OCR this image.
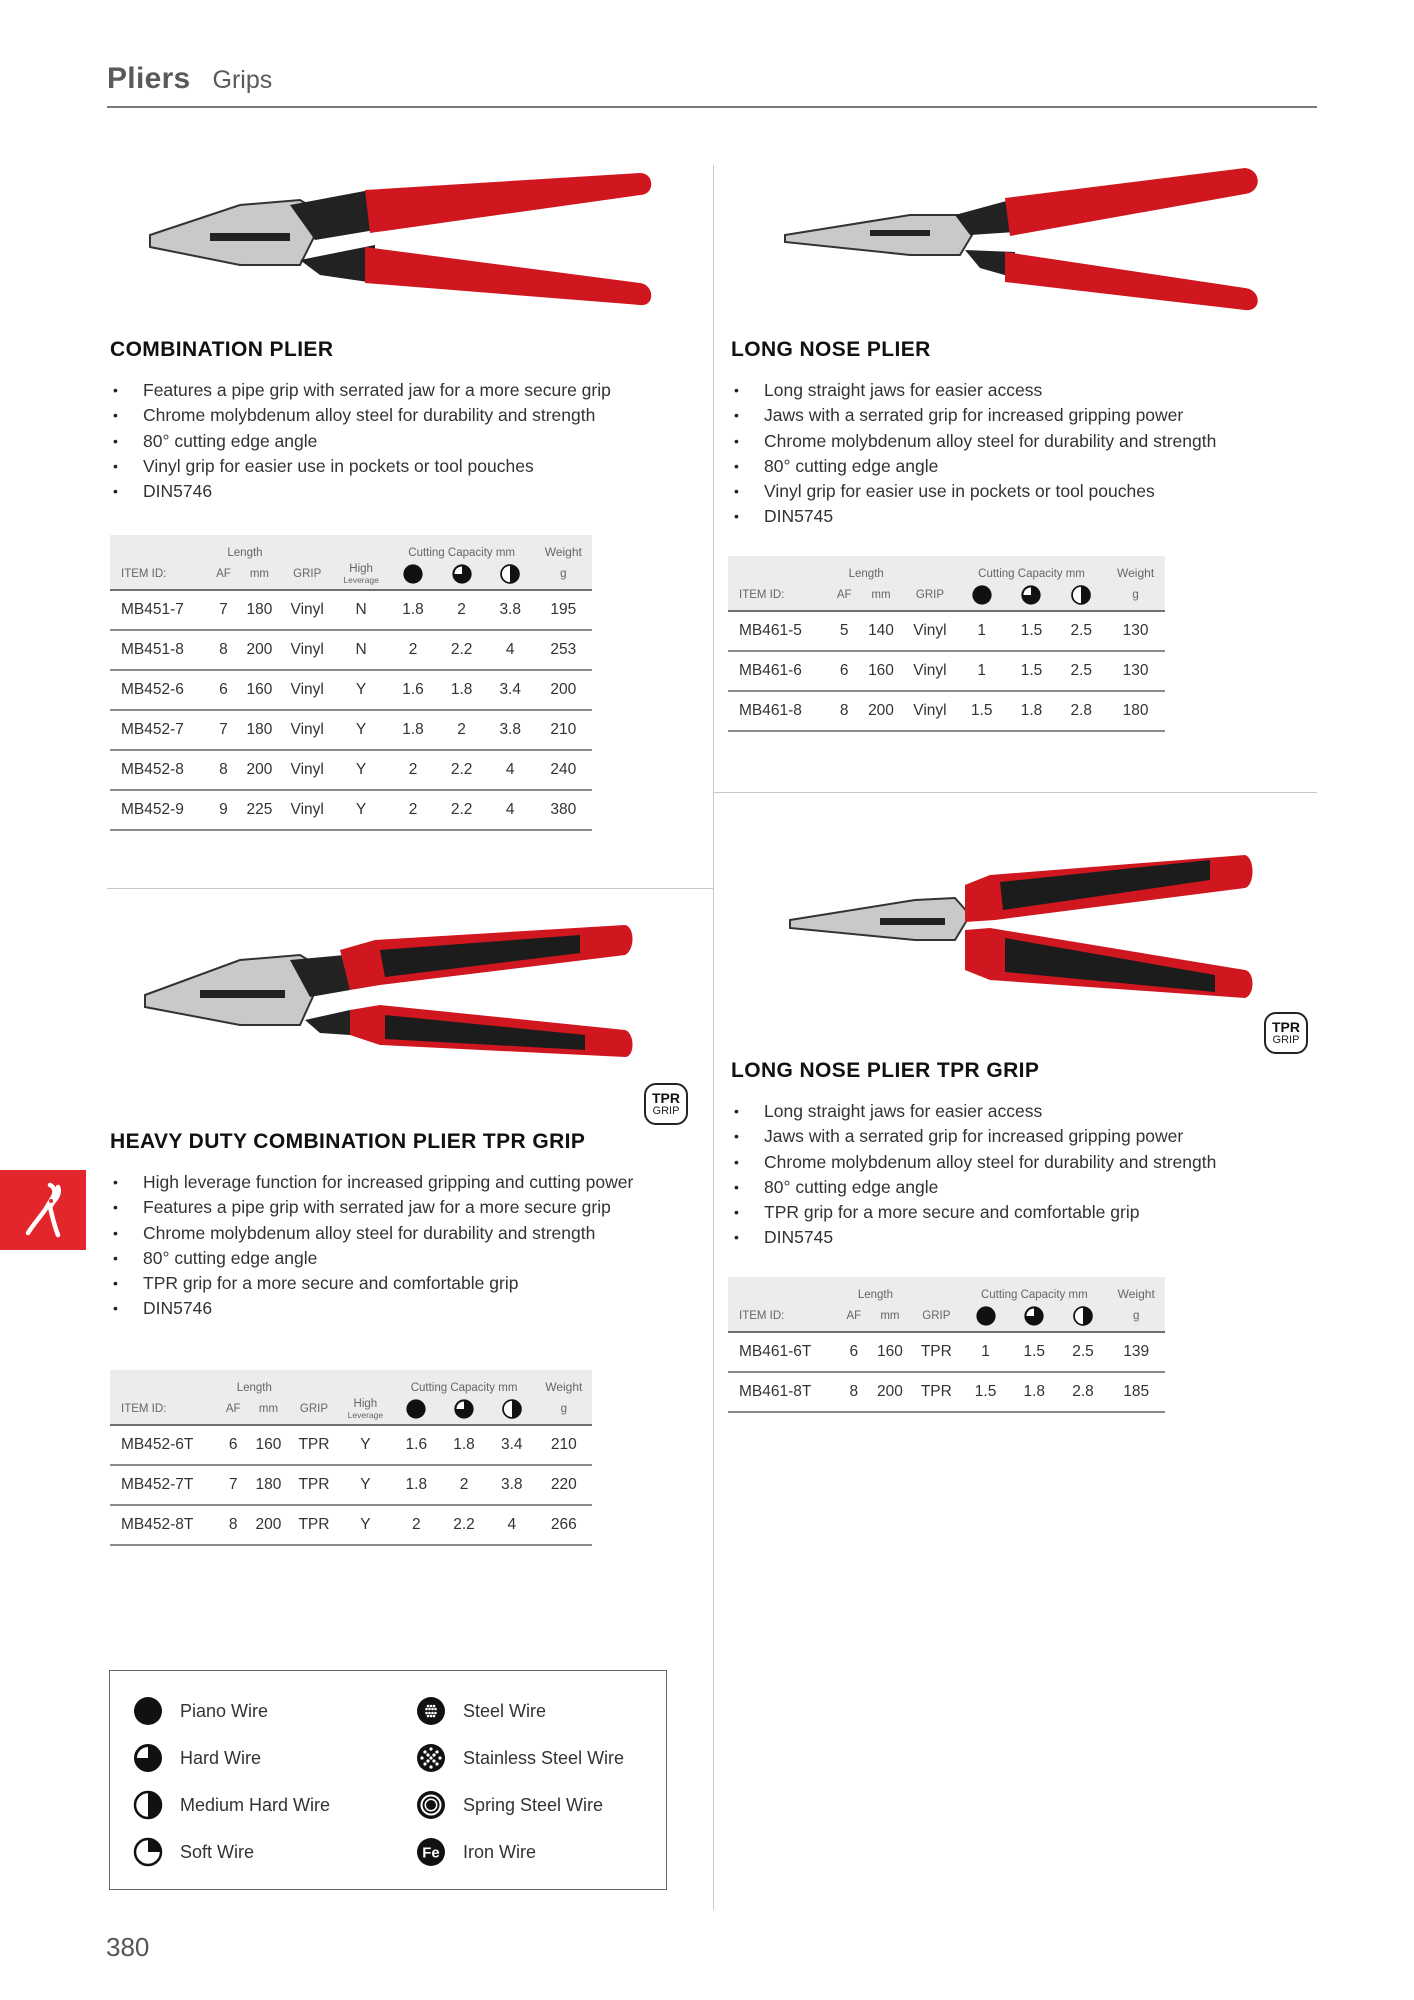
Pliers Grips
COMBINATION PLIER
• Features a pipe grip with serrated jaw for a more secure grip
• Chrome molybdenum alloy steel for durability and strength
• 80° cutting edge angle
• Vinyl grip for easier use in pockets or tool pouches
• DIN5746
	Length				Cutting Capacity mm			Weight
ITEM ID:	AF	mm	GRIP	High
Leverage				g
MB451-7	7	180	Vinyl	N	1.8	2	3.8	195
MB451-8	8	200	Vinyl	N	2	2.2	4	253
MB452-6	6	160	Vinyl	Y	1.6	1.8	3.4	200
MB452-7	7	180	Vinyl	Y	1.8	2	3.8	210
MB452-8	8	200	Vinyl	Y	2	2.2	4	240
MB452-9	9	225	Vinyl	Y	2	2.2	4	380
LONG NOSE PLIER
• Long straight jaws for easier access
• Jaws with a serrated grip for increased gripping power
• Chrome molybdenum alloy steel for durability and strength
• 80° cutting edge angle
• Vinyl grip for easier use in pockets or tool pouches
• DIN5745
	Length			Cutting Capacity mm			Weight
ITEM ID:	AF	mm	GRIP				g
MB461-5	5	140	Vinyl	1	1.5	2.5	130
MB461-6	6	160	Vinyl	1	1.5	2.5	130
MB461-8	8	200	Vinyl	1.5	1.8	2.8	180
TPR
GRIP
HEAVY DUTY COMBINATION PLIER TPR GRIP
• High leverage function for increased gripping and cutting power
• Features a pipe grip with serrated jaw for a more secure grip
• Chrome molybdenum alloy steel for durability and strength
• 80° cutting edge angle
• TPR grip for a more secure and comfortable grip
• DIN5746
	Length				Cutting Capacity mm			Weight
ITEM ID:	AF	mm	GRIP	High
Leverage				g
MB452-6T	6	160	TPR	Y	1.6	1.8	3.4	210
MB452-7T	7	180	TPR	Y	1.8	2	3.8	220
MB452-8T	8	200	TPR	Y	2	2.2	4	266
TPR
GRIP
LONG NOSE PLIER TPR GRIP
• Long straight jaws for easier access
• Jaws with a serrated grip for increased gripping power
• Chrome molybdenum alloy steel for durability and strength
• 80° cutting edge angle
• TPR grip for a more secure and comfortable grip
• DIN5745
	Length			Cutting Capacity mm			Weight
ITEM ID:	AF	mm	GRIP				g
MB461-6T	6	160	TPR	1	1.5	2.5	139
MB461-8T	8	200	TPR	1.5	1.8	2.8	185
Piano Wire
Hard Wire
Medium Hard Wire
Soft Wire
Steel Wire
Stainless Steel Wire
Spring Steel Wire
Iron Wire
380
